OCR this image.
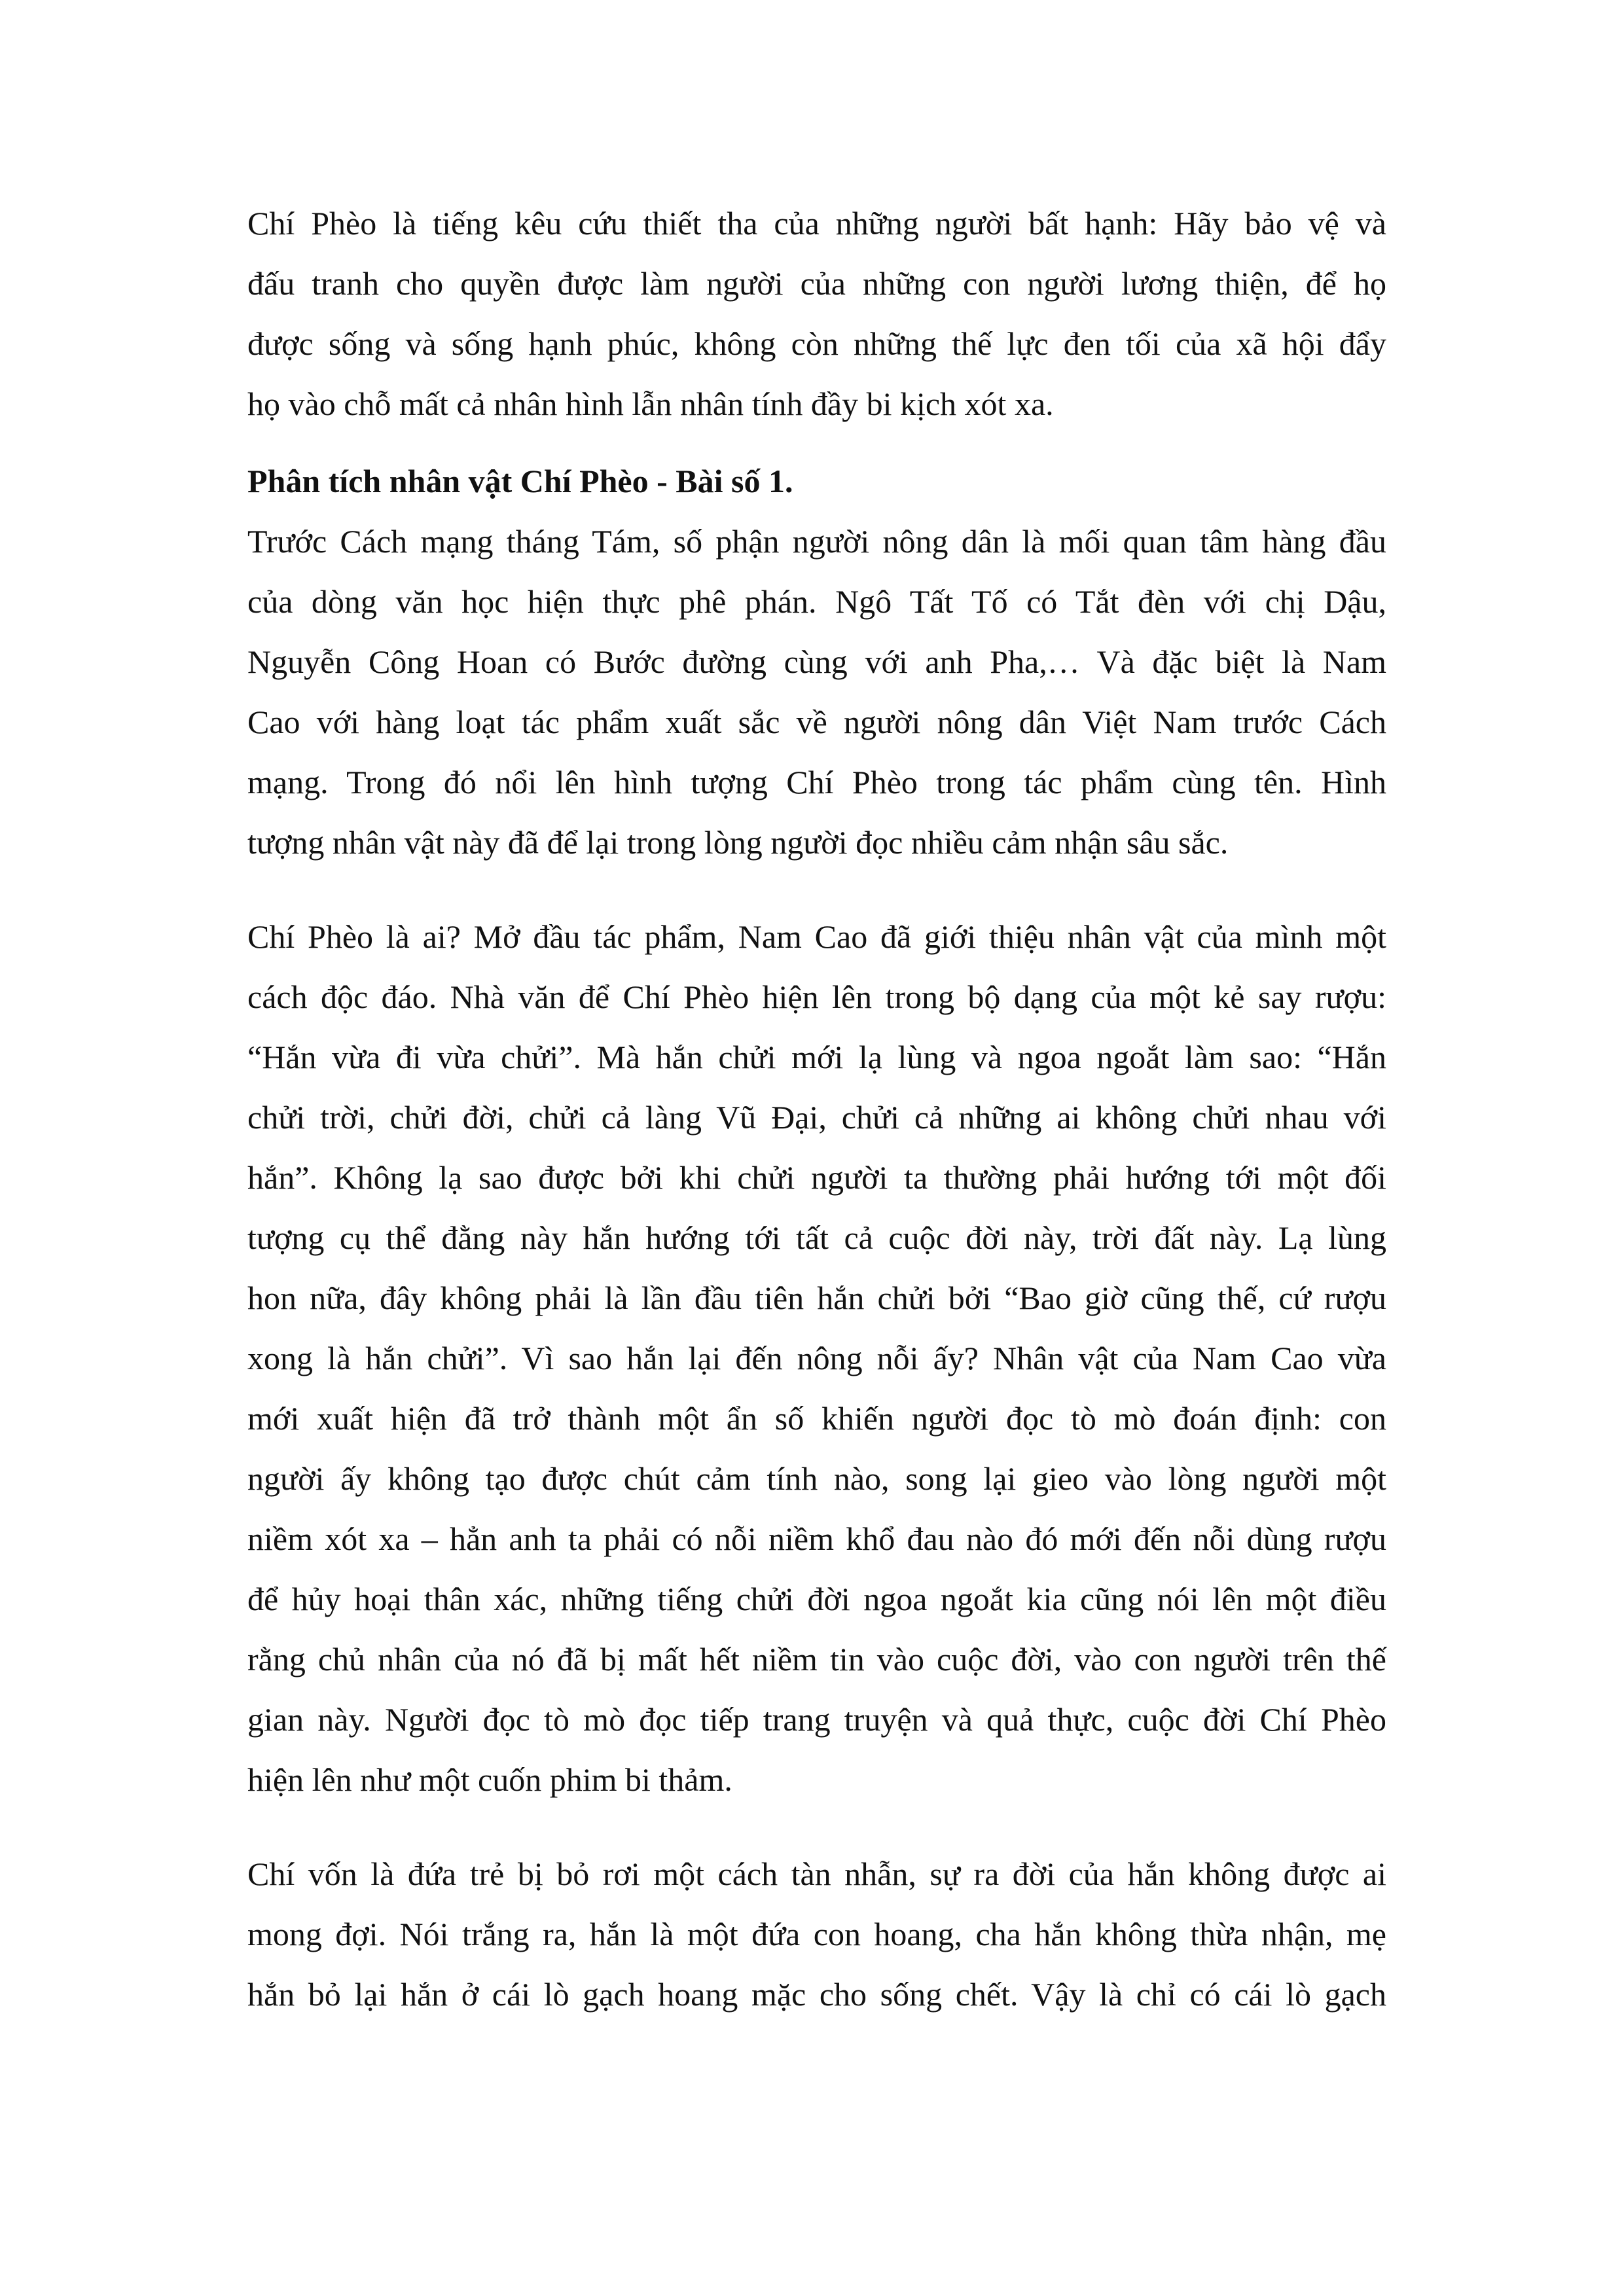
Chí Phèo là tiếng kêu cứu thiết tha của những người bất hạnh: Hãy bảo vệ và
đấu tranh cho quyền được làm người của những con người lương thiện, để họ
được sống và sống hạnh phúc, không còn những thế lực đen tối của xã hội đẩy
họ vào chỗ mất cả nhân hình lẫn nhân tính đầy bi kịch xót xa.

Phân tích nhân vật Chí Phèo - Bài số 1.

Trước Cách mạng tháng Tám, số phận người nông dân là mối quan tâm hàng đầu
của dòng văn học hiện thực phê phán. Ngô Tất Tố có Tắt đèn với chị Dậu,
Nguyễn Công Hoan có Bước đường cùng với anh Pha,… Và đặc biệt là Nam
Cao với hàng loạt tác phẩm xuất sắc về người nông dân Việt Nam trước Cách
mạng. Trong đó nổi lên hình tượng Chí Phèo trong tác phẩm cùng tên. Hình
tượng nhân vật này đã để lại trong lòng người đọc nhiều cảm nhận sâu sắc.

Chí Phèo là ai? Mở đầu tác phẩm, Nam Cao đã giới thiệu nhân vật của mình một
cách độc đáo. Nhà văn để Chí Phèo hiện lên trong bộ dạng của một kẻ say rượu:
“Hắn vừa đi vừa chửi”. Mà hắn chửi mới lạ lùng và ngoa ngoắt làm sao: “Hắn
chửi trời, chửi đời, chửi cả làng Vũ Đại, chửi cả những ai không chửi nhau với
hắn”. Không lạ sao được bởi khi chửi người ta thường phải hướng tới một đối
tượng cụ thể đằng này hắn hướng tới tất cả cuộc đời này, trời đất này. Lạ lùng
hon nữa, đây không phải là lần đầu tiên hắn chửi bởi “Bao giờ cũng thế, cứ rượu
xong là hắn chửi”. Vì sao hắn lại đến nông nỗi ấy? Nhân vật của Nam Cao vừa
mới xuất hiện đã trở thành một ẩn số khiến người đọc tò mò đoán định: con
người ấy không tạo được chút cảm tính nào, song lại gieo vào lòng người một
niềm xót xa – hẳn anh ta phải có nỗi niềm khổ đau nào đó mới đến nỗi dùng rượu
để hủy hoại thân xác, những tiếng chửi đời ngoa ngoắt kia cũng nói lên một điều
rằng chủ nhân của nó đã bị mất hết niềm tin vào cuộc đời, vào con người trên thế
gian này. Người đọc tò mò đọc tiếp trang truyện và quả thực, cuộc đời Chí Phèo
hiện lên như một cuốn phim bi thảm.

Chí vốn là đứa trẻ bị bỏ rơi một cách tàn nhẫn, sự ra đời của hắn không được ai
mong đợi. Nói trắng ra, hắn là một đứa con hoang, cha hắn không thừa nhận, mẹ
hắn bỏ lại hắn ở cái lò gạch hoang mặc cho sống chết. Vậy là chỉ có cái lò gạch
